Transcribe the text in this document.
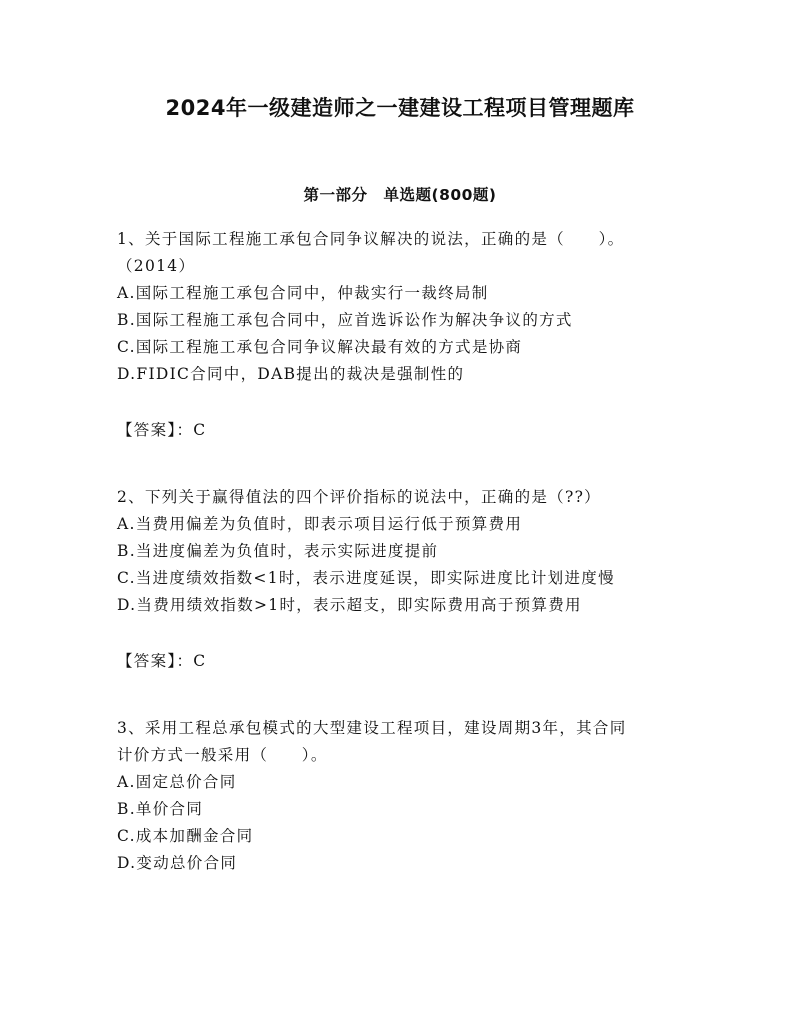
2024年一级建造师之一建建设工程项目管理题库
第一部分　单选题(800题)
1、关于国际工程施工承包合同争议解决的说法，正确的是（　　）。
（2014）
A.国际工程施工承包合同中，仲裁实行一裁终局制
B.国际工程施工承包合同中，应首选诉讼作为解决争议的方式
C.国际工程施工承包合同争议解决最有效的方式是协商
D.FIDIC合同中，DAB提出的裁决是强制性的
【答案】：C
2、下列关于赢得值法的四个评价指标的说法中，正确的是（??）
A.当费用偏差为负值时，即表示项目运行低于预算费用
B.当进度偏差为负值时，表示实际进度提前
C.当进度绩效指数<1时，表示进度延误，即实际进度比计划进度慢
D.当费用绩效指数>1时，表示超支，即实际费用高于预算费用
【答案】：C
3、采用工程总承包模式的大型建设工程项目，建设周期3年，其合同
计价方式一般采用（　　）。
A.固定总价合同
B.单价合同
C.成本加酬金合同
D.变动总价合同
